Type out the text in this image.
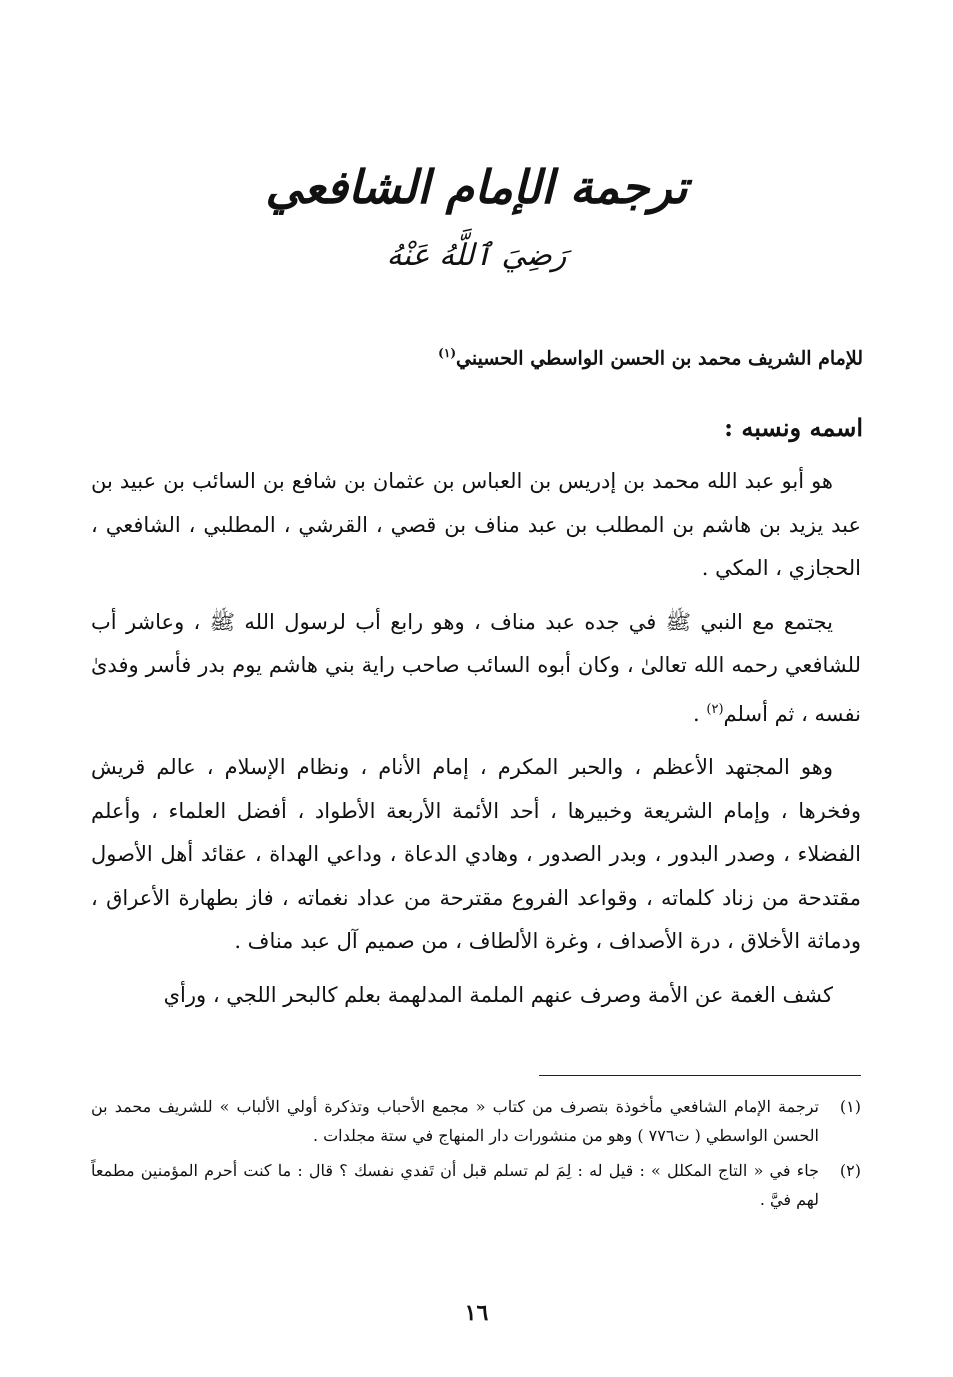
ترجمة الإمام الشافعي
رَضِيَ ٱللَّهُ عَنْهُ
للإمام الشريف محمد بن الحسن الواسطي الحسيني$^{(١)}$
اسمه ونسبه :

هو أبو عبد الله محمد بن إدريس بن العباس بن عثمان بن شافع بن السائب بن عبيد بن عبد يزيد بن هاشم بن المطلب بن عبد مناف بن قصي ، القرشي ، المطلبي ، الشافعي ، الحجازي ، المكي .

يجتمع مع النبي ﷺ في جده عبد مناف ، وهو رابع أب لرسول الله ﷺ ، وعاشر أب للشافعي رحمه الله تعالىٰ ، وكان أبوه السائب صاحب راية بني هاشم يوم بدر فأسر وفدىٰ نفسه ، ثم أسلم$^{(٢)}$ .

وهو المجتهد الأعظم ، والحبر المكرم ، إمام الأنام ، ونظام الإسلام ، عالم قريش وفخرها ، وإمام الشريعة وخبيرها ، أحد الأئمة الأربعة الأطواد ، أفضل العلماء ، وأعلم الفضلاء ، وصدر البدور ، وبدر الصدور ، وهادي الدعاة ، وداعي الهداة ، عقائد أهل الأصول مقتدحة من زناد كلماته ، وقواعد الفروع مقترحة من عداد نغماته ، فاز بطهارة الأعراق ، ودماثة الأخلاق ، درة الأصداف ، وغرة الألطاف ، من صميم آل عبد مناف .

كشف الغمة عن الأمة وصرف عنهم الملمة المدلهمة بعلم كالبحر اللجي ، ورأي

(١)
ترجمة الإمام الشافعي مأخوذة بتصرف من كتاب « مجمع الأحباب وتذكرة أولي الألباب » للشريف محمد بن الحسن الواسطي ( ت٧٧٦ ) وهو من منشورات دار المنهاج في ستة مجلدات .
(٢)
جاء في « التاج المكلل » : قيل له : لِمَ لم تسلم قبل أن تَفدي نفسك ؟ قال : ما كنت أحرم المؤمنين مطمعاً لهم فيَّ .
١٦
